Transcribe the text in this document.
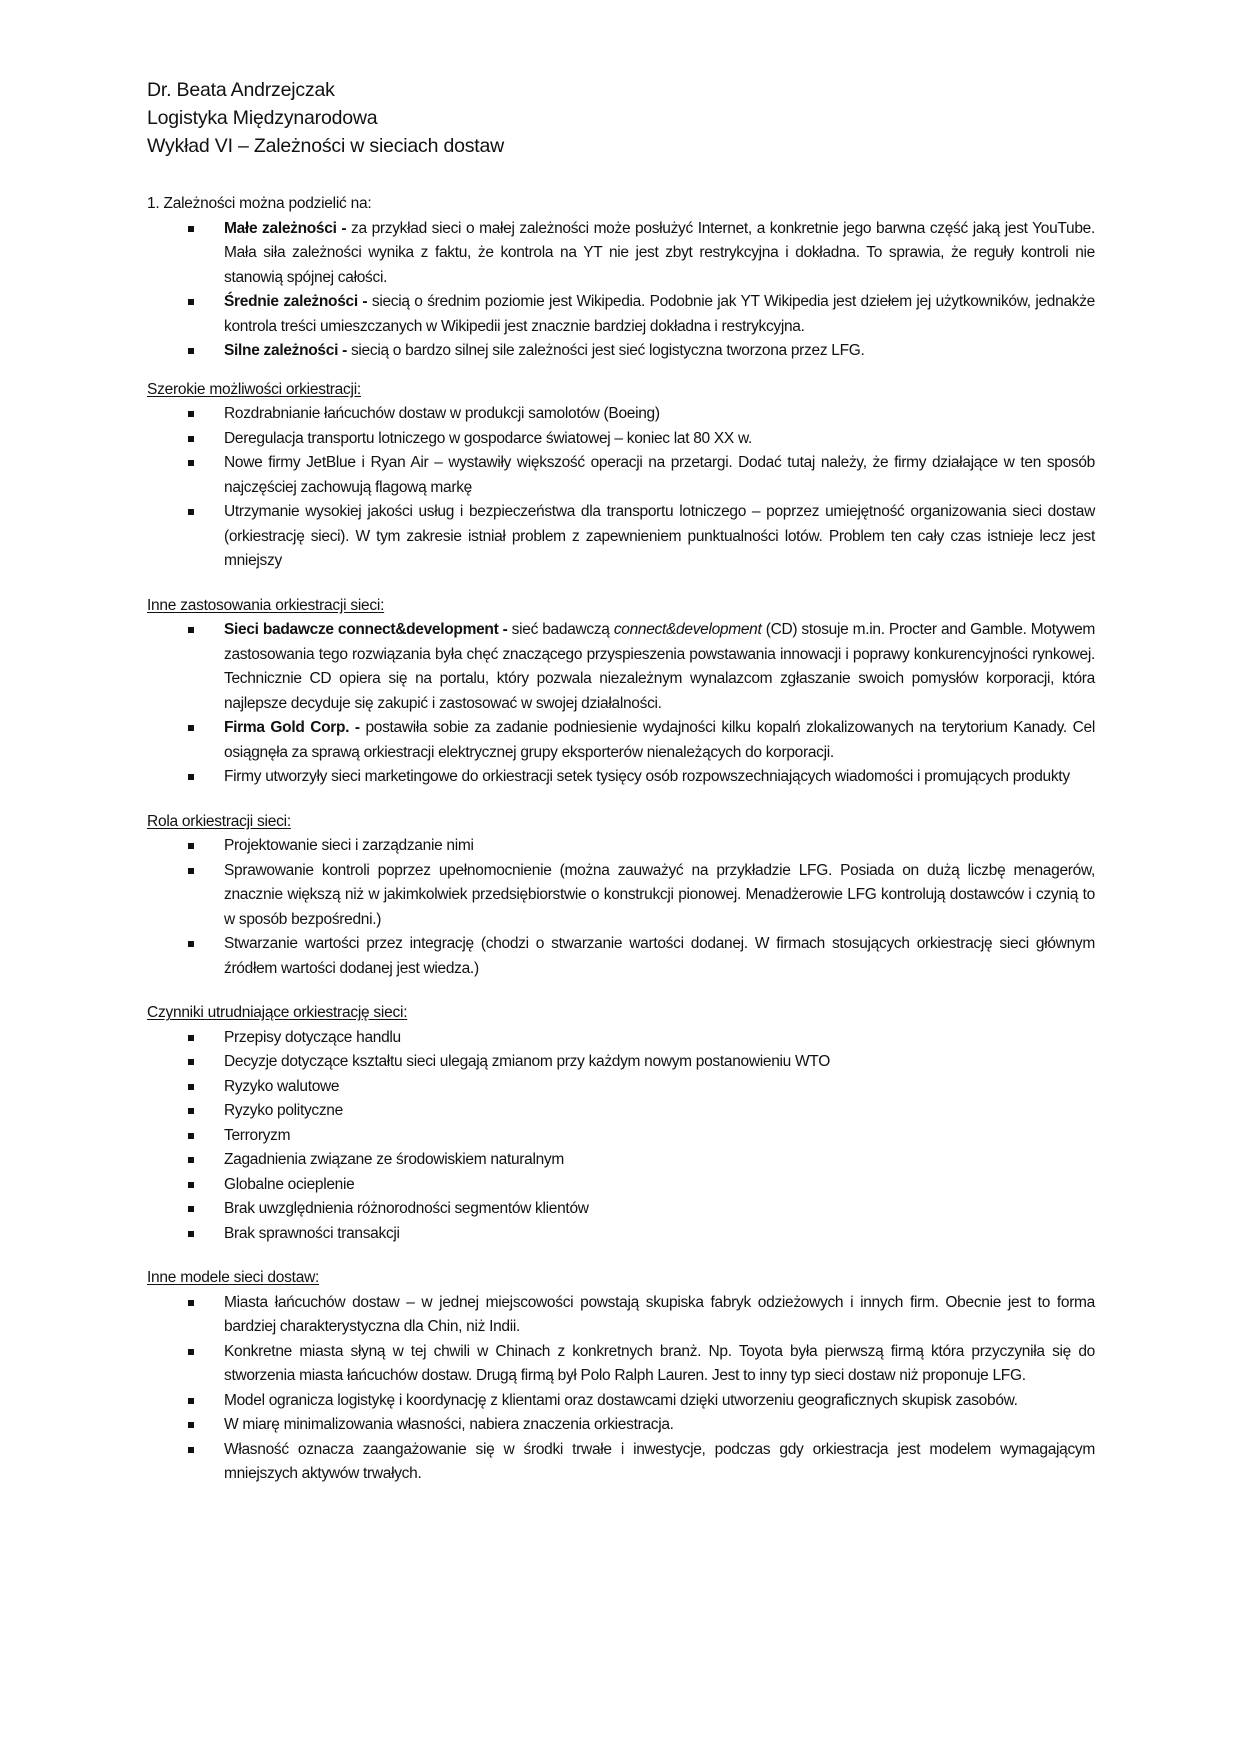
Dr. Beata Andrzejczak
Logistyka Międzynarodowa
Wykład VI – Zależności w sieciach dostaw
1. Zależności można podzielić na:
Małe zależności - za przykład sieci o małej zależności może posłużyć Internet, a konkretnie jego barwna część jaką jest YouTube. Mała siła zależności wynika z faktu, że kontrola na YT nie jest zbyt restrykcyjna i dokładna. To sprawia, że reguły kontroli nie stanowią spójnej całości.
Średnie zależności - siecią o średnim poziomie jest Wikipedia. Podobnie jak YT Wikipedia jest dziełem jej użytkowników, jednakże kontrola treści umieszczanych w Wikipedii jest znacznie bardziej dokładna i restrykcyjna.
Silne zależności - siecią o bardzo silnej sile zależności jest sieć logistyczna tworzona przez LFG.
Szerokie możliwości orkiestracji:
Rozdrabnianie łańcuchów dostaw w produkcji samolotów (Boeing)
Deregulacja transportu lotniczego w gospodarce światowej – koniec lat 80 XX w.
Nowe firmy JetBlue i Ryan Air – wystawiły większość operacji na przetargi. Dodać tutaj należy, że firmy działające w ten sposób najczęściej zachowują flagową markę
Utrzymanie wysokiej jakości usług i bezpieczeństwa dla transportu lotniczego – poprzez umiejętność organizowania sieci dostaw (orkiestrację sieci). W tym zakresie istniał problem z zapewnieniem punktualności lotów. Problem ten cały czas istnieje lecz jest mniejszy
Inne zastosowania orkiestracji sieci:
Sieci badawcze connect&development - sieć badawczą connect&development (CD) stosuje m.in. Procter and Gamble. Motywem zastosowania tego rozwiązania była chęć znaczącego przyspieszenia powstawania innowacji i poprawy konkurencyjności rynkowej. Technicznie CD opiera się na portalu, który pozwala niezależnym wynalazcom zgłaszanie swoich pomysłów korporacji, która najlepsze decyduje się zakupić i zastosować w swojej działalności.
Firma Gold Corp. - postawiła sobie za zadanie podniesienie wydajności kilku kopalń zlokalizowanych na terytorium Kanady. Cel osiągnęła za sprawą orkiestracji elektrycznej grupy eksporterów nienależących do korporacji.
Firmy utworzyły sieci marketingowe do orkiestracji setek tysięcy osób rozpowszechniających wiadomości i promujących produkty
Rola orkiestracji sieci:
Projektowanie sieci i zarządzanie nimi
Sprawowanie kontroli poprzez upełnomocnienie (można zauważyć na przykładzie LFG. Posiada on dużą liczbę menagerów, znacznie większą niż w jakimkolwiek przedsiębiorstwie o konstrukcji pionowej. Menadżerowie LFG kontrolują dostawców i czynią to w sposób bezpośredni.)
Stwarzanie wartości przez integrację (chodzi o stwarzanie wartości dodanej. W firmach stosujących orkiestrację sieci głównym źródłem wartości dodanej jest wiedza.)
Czynniki utrudniające orkiestrację sieci:
Przepisy dotyczące handlu
Decyzje dotyczące kształtu sieci ulegają zmianom przy każdym nowym postanowieniu WTO
Ryzyko walutowe
Ryzyko polityczne
Terroryzm
Zagadnienia związane ze środowiskiem naturalnym
Globalne ocieplenie
Brak uwzględnienia różnorodności segmentów klientów
Brak sprawności transakcji
Inne modele sieci dostaw:
Miasta łańcuchów dostaw – w jednej miejscowości powstają skupiska fabryk odzieżowych i innych firm. Obecnie jest to forma bardziej charakterystyczna dla Chin, niż Indii.
Konkretne miasta słyną w tej chwili w Chinach z konkretnych branż. Np. Toyota była pierwszą firmą która przyczyniła się do stworzenia miasta łańcuchów dostaw. Drugą firmą był Polo Ralph Lauren. Jest to inny typ sieci dostaw niż proponuje LFG.
Model ogranicza logistykę i koordynację z klientami oraz dostawcami dzięki utworzeniu geograficznych skupisk zasobów.
W miarę minimalizowania własności, nabiera znaczenia orkiestracja.
Własność oznacza zaangażowanie się w środki trwałe i inwestycje, podczas gdy orkiestracja jest modelem wymagającym mniejszych aktywów trwałych.
